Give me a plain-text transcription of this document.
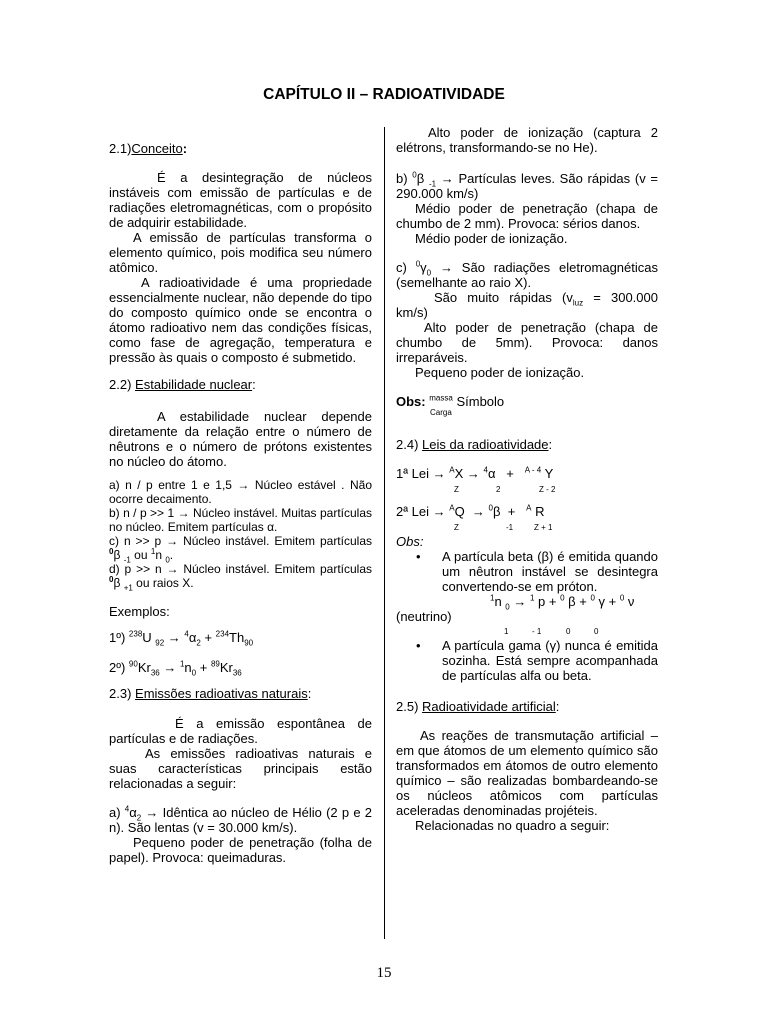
CAPÍTULO II – RADIOATIVIDADE

2.1)Conceito:

É a desintegração de núcleos instáveis com emissão de partículas e de radiações eletromagnéticas, com o propósito de adquirir estabilidade.

A emissão de partículas transforma o elemento químico, pois modifica seu número atômico.

A radioatividade é uma propriedade essencialmente nuclear, não depende do tipo do composto químico onde se encontra o átomo radioativo nem das condições físicas, como fase de agregação, temperatura e pressão às quais o composto é submetido.

2.2) Estabilidade nuclear:

A estabilidade nuclear depende diretamente da relação entre o número de nêutrons e o número de prótons existentes no núcleo do átomo.

a) n / p entre 1 e 1,5 → Núcleo estável . Não ocorre decaimento.

b) n / p >> 1 → Núcleo instável. Muitas partículas no núcleo. Emitem partículas α.

c) n >> p → Núcleo instável. Emitem partículas $^0$β $_{-1}$ ou $^1$n $_0$.

d) p >> n → Núcleo instável. Emitem partículas $^0$β $_{+1}$ ou raios X.

Exemplos:

1º) $^{238}$U $_{92} \to ^4\alpha_2 + ^{234}Th_{90}$

2º) $^{90}Kr_{36} \to ^1n_0 + ^{89}Kr_{36}$

2.3) Emissões radioativas naturais:

É a emissão espontânea de partículas e de radiações.

As emissões radioativas naturais e suas características principais estão relacionadas a seguir:

a) $^4\alpha_2$ → Idêntica ao núcleo de Hélio (2 p e 2 n). São lentas (v = 30.000 km/s).

Pequeno poder de penetração (folha de papel). Provoca: queimaduras.

Alto poder de ionização (captura 2 elétrons, transformando-se no He).

b) $^0$β $_{-1}$ → Partículas leves. São rápidas (v = 290.000 km/s)

Médio poder de penetração (chapa de chumbo de 2 mm). Provoca: sérios danos.

Médio poder de ionização.

c) $^0\gamma_0$ → São radiações eletromagnéticas (semelhante ao raio X).

São muito rápidas ($v_{luz} = 300.000$ km/s)

Alto poder de penetração (chapa de chumbo de 5mm). Provoca: danos irreparáveis.

Pequeno poder de ionização.

Obs: $^{massa}$ Símbolo

Carga

2.4) Leis da radioatividade:

1ª Lei → $^A$X → $^4$α   +   $^{A - 4}$ Y
Z	2	Z - 2
2ª Lei → $^A$Q  → $^0$β  +   $^A$ R
Z	-1	Z + 1

Obs:

• A partícula beta (β) é emitida quando um nêutron instável se desintegra convertendo-se em próton.
$^1$n $_0$ → $^1$ p + $^0$ β + $^0$ γ + $^0$ ν

(neutrino)

1	- 1	0	0
• A partícula gama (γ) nunca é emitida sozinha. Está sempre acompanhada de partículas alfa ou beta.

2.5) Radioatividade artificial:

As reações de transmutação artificial – em que átomos de um elemento químico são transformados em átomos de outro elemento químico – são realizadas bombardeando-se os núcleos atômicos com partículas aceleradas denominadas projéteis.

Relacionadas no quadro a seguir:

15
